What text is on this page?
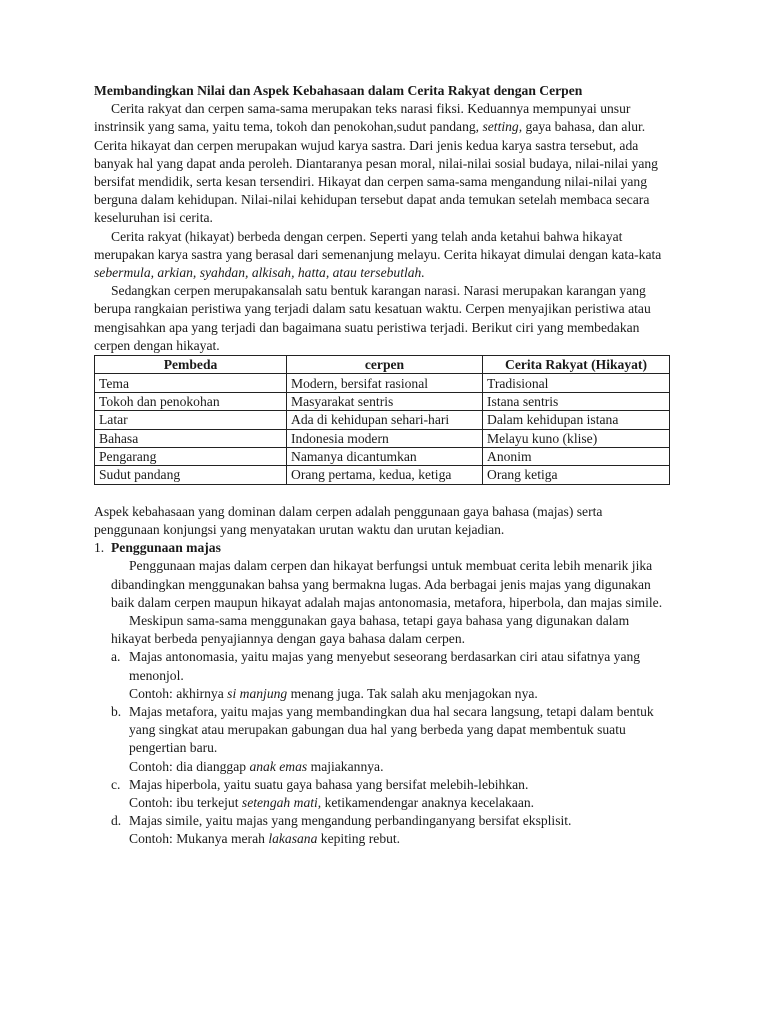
Membandingkan Nilai dan Aspek Kebahasaan dalam Cerita Rakyat dengan Cerpen

Cerita rakyat dan cerpen sama-sama merupakan teks narasi fiksi. Keduannya mempunyai unsur instrinsik yang sama, yaitu tema, tokoh dan penokohan,sudut pandang, setting, gaya bahasa, dan alur. Cerita hikayat dan cerpen merupakan wujud karya sastra. Dari jenis kedua karya sastra tersebut, ada banyak hal yang dapat anda peroleh. Diantaranya pesan moral, nilai-nilai sosial budaya, nilai-nilai yang bersifat mendidik, serta kesan tersendiri. Hikayat dan cerpen sama-sama mengandung nilai-nilai yang berguna dalam kehidupan. Nilai-nilai kehidupan tersebut dapat anda temukan setelah membaca secara keseluruhan isi cerita.

Cerita rakyat (hikayat) berbeda dengan cerpen. Seperti yang telah anda ketahui bahwa hikayat merupakan karya sastra yang berasal dari semenanjung melayu. Cerita hikayat dimulai dengan kata-kata sebermula, arkian, syahdan, alkisah, hatta, atau tersebutlah.

Sedangkan cerpen merupakansalah satu bentuk karangan narasi. Narasi merupakan karangan yang berupa rangkaian peristiwa yang terjadi dalam satu kesatuan waktu. Cerpen menyajikan peristiwa atau mengisahkan apa yang terjadi dan bagaimana suatu peristiwa terjadi. Berikut ciri yang membedakan cerpen dengan hikayat.

Pembeda	cerpen	Cerita Rakyat (Hikayat)
Tema	Modern, bersifat rasional	Tradisional
Tokoh dan penokohan	Masyarakat sentris	Istana sentris
Latar	Ada di kehidupan sehari-hari	Dalam kehidupan istana
Bahasa	Indonesia modern	Melayu kuno (klise)
Pengarang	Namanya dicantumkan	Anonim
Sudut pandang	Orang pertama, kedua, ketiga	Orang ketiga

Aspek kebahasaan yang dominan dalam cerpen adalah penggunaan gaya bahasa (majas) serta penggunaan konjungsi yang menyatakan urutan waktu dan urutan kejadian.

1. Penggunaan majas

Penggunaan majas dalam cerpen dan hikayat berfungsi untuk membuat cerita lebih menarik jika dibandingkan menggunakan bahsa yang bermakna lugas. Ada berbagai jenis majas yang digunakan baik dalam cerpen maupun hikayat adalah majas antonomasia, metafora, hiperbola, dan majas simile.

Meskipun sama-sama menggunakan gaya bahasa, tetapi gaya bahasa yang digunakan dalam hikayat berbeda penyajiannya dengan gaya bahasa dalam cerpen.

a. Majas antonomasia, yaitu majas yang menyebut seseorang berdasarkan ciri atau sifatnya yang menonjol.

Contoh: akhirnya si manjung menang juga. Tak salah aku menjagokan nya.

b. Majas metafora, yaitu majas yang membandingkan dua hal secara langsung, tetapi dalam bentuk yang singkat atau merupakan gabungan dua hal yang berbeda yang dapat membentuk suatu pengertian baru.

Contoh: dia dianggap anak emas majiakannya.

c. Majas hiperbola, yaitu suatu gaya bahasa yang bersifat melebih-lebihkan.

Contoh: ibu terkejut setengah mati, ketikamendengar anaknya kecelakaan.

d. Majas simile, yaitu majas yang mengandung perbandinganyang bersifat eksplisit.

Contoh: Mukanya merah lakasana kepiting rebut.
